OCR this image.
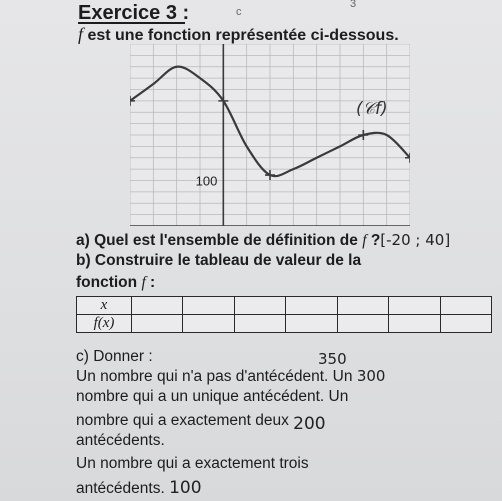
c
3
Exercice 3 :
f est une fonction représentée ci-dessous.
100
(𝒞f)
a) Quel est l'ensemble de définition de f ?[-20 ; 40]
b) Construire le tableau de valeur de la
fonction f :
x							
f(x)							
c) Donner :	350
Un nombre qui n'a pas d'antécédent. Un 300
nombre qui a un unique antécédent. Un
nombre qui a exactement deux 200
antécédents.
Un nombre qui a exactement trois
antécédents. 100
